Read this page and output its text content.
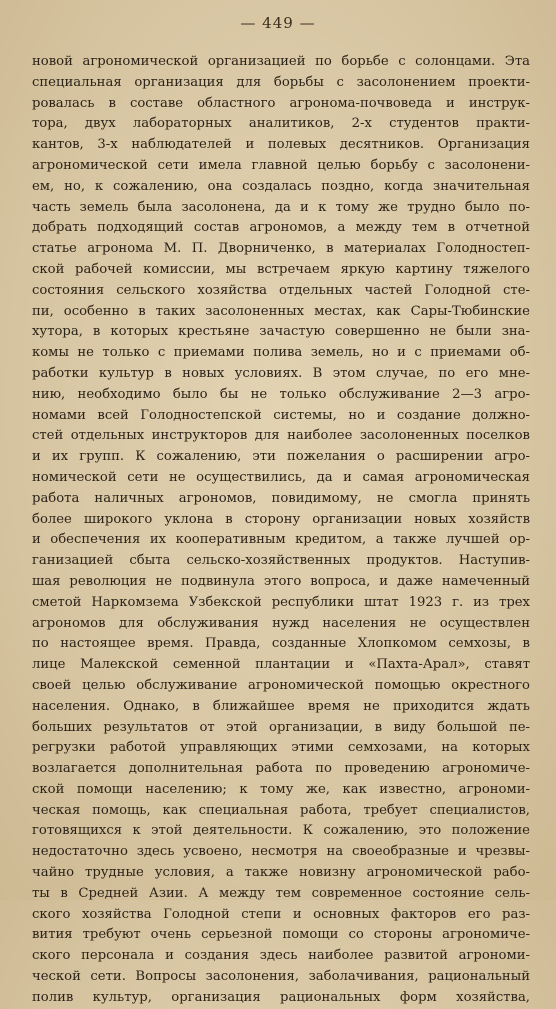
— 449 —
новой агрономической организацией по борьбе с солонцами. Эта
специальная организация для борьбы с засолонением проекти-
ровалась в составе областного агронома-почвоведа и инструк-
тора, двух лабораторных аналитиков, 2-х студентов практи-
кантов, 3-х наблюдателей и полевых десятников. Организация
агрономической сети имела главной целью борьбу с засолонени-
ем, но, к сожалению, она создалась поздно, когда значительная
часть земель была засолонена, да и к тому же трудно было по-
добрать подходящий состав агрономов, а между тем в отчетной
статье агронома М. П. Дворниченко, в материалах Голодностеп-
ской рабочей комиссии, мы встречаем яркую картину тяжелого
состояния сельского хозяйства отдельных частей Голодной сте-
пи, особенно в таких засолоненных местах, как Сары-Тюбинские
хутора, в которых крестьяне зачастую совершенно не были зна-
комы не только с приемами полива земель, но и с приемами об-
работки культур в новых условиях. В этом случае, по его мне-
нию, необходимо было бы не только обслуживание 2—3 агро-
номами всей Голодностепской системы, но и создание должно-
стей отдельных инструкторов для наиболее засолоненных поселков
и их групп. К сожалению, эти пожелания о расширении агро-
номической сети не осуществились, да и самая агрономическая
работа наличных агрономов, повидимому, не смогла принять
более широкого уклона в сторону организации новых хозяйств
и обеспечения их кооперативным кредитом, а также лучшей ор-
ганизацией сбыта сельско-хозяйственных продуктов. Наступив-
шая революция не подвинула этого вопроса, и даже намеченный
сметой Наркомзема Узбекской республики штат 1923 г. из трех
агрономов для обслуживания нужд населения не осуществлен
по настоящее время. Правда, созданные Хлопкомом семхозы, в
лице Малекской семенной плантации и «Пахта-Арал», ставят
своей целью обслуживание агрономической помощью окрестного
населения. Однако, в ближайшее время не приходится ждать
больших результатов от этой организации, в виду большой пе-
регрузки работой управляющих этими семхозами, на которых
возлагается дополнительная работа по проведению агрономиче-
ской помощи населению; к тому же, как известно, агрономи-
ческая помощь, как специальная работа, требует специалистов,
готовящихся к этой деятельности. К сожалению, это положение
недостаточно здесь усвоено, несмотря на своеобразные и чрезвы-
чайно трудные условия, а также новизну агрономической рабо-
ты в Средней Азии. А между тем современное состояние сель-
ского хозяйства Голодной степи и основных факторов его раз-
вития требуют очень серьезной помощи со стороны агрономиче-
ского персонала и создания здесь наиболее развитой агрономи-
ческой сети. Вопросы засолонения, заболачивания, рациональный
полив культур, организация рациональных форм хозяйства,
